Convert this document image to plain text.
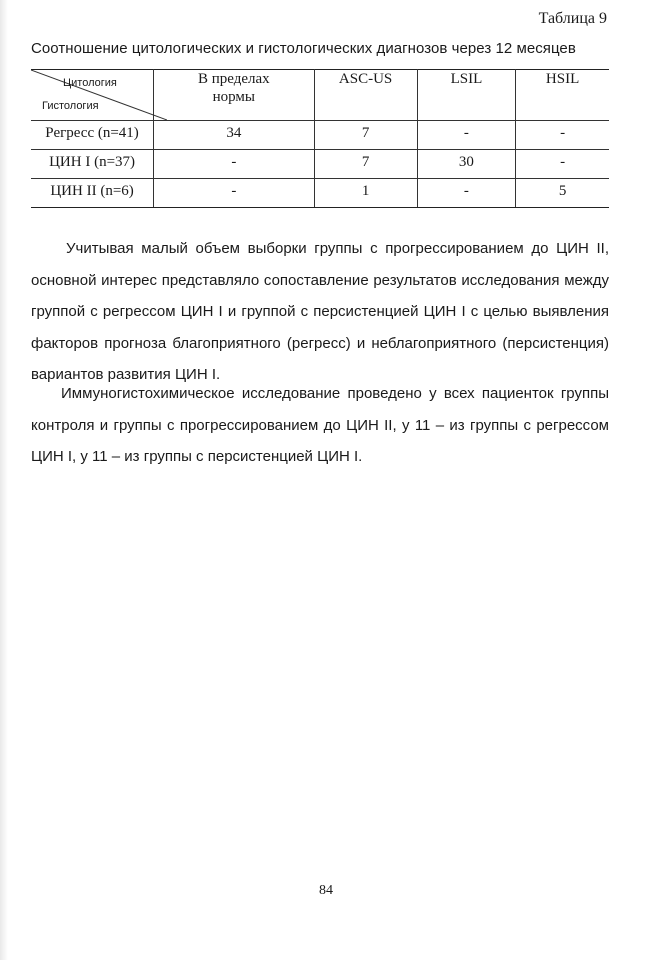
Таблица 9
Соотношение цитологических и гистологических диагнозов через 12 месяцев
Цитология
Гистология	В пределах нормы	ASC-US	LSIL	HSIL
Регресс (n=41)	34	7	-	-
ЦИН I (n=37)	-	7	30	-
ЦИН II (n=6)	-	1	-	5

Учитывая малый объем выборки группы с прогрессированием до ЦИН II, основной интерес представляло сопоставление результатов исследования между группой с регрессом ЦИН I и группой с персистенцией ЦИН I с целью выявления факторов прогноза благоприятного (регресс) и неблагоприятного (персистенция) вариантов развития ЦИН I.

Иммуногистохимическое исследование проведено у всех пациенток группы контроля и группы с прогрессированием до ЦИН II, у 11 – из группы с регрессом ЦИН I, у 11 – из группы с персистенцией ЦИН I.

84
